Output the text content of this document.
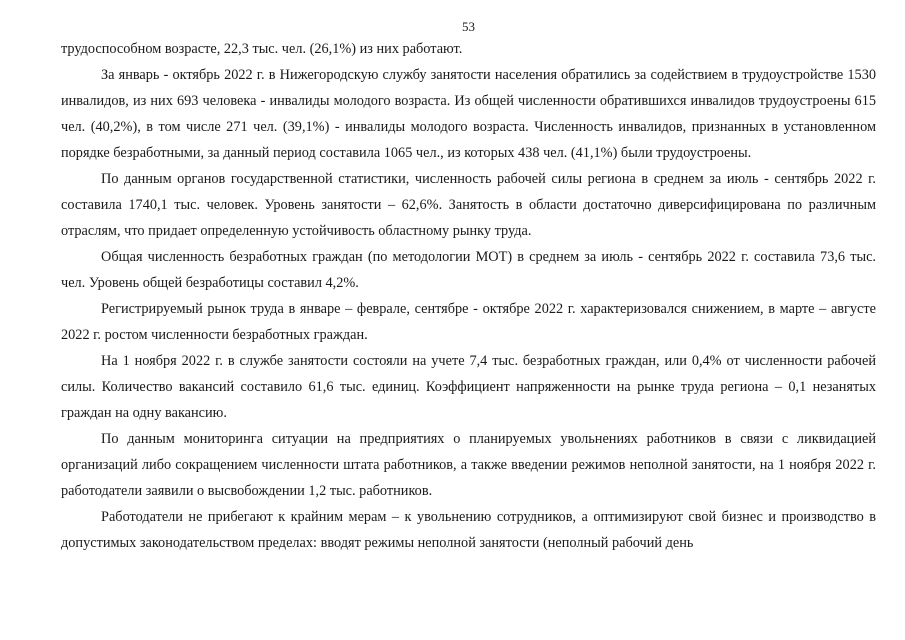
53

трудоспособном возрасте, 22,3 тыс. чел. (26,1%) из них работают.

За январь - октябрь 2022 г. в Нижегородскую службу занятости населения обратились за содействием в трудоустройстве 1530 инвалидов, из них 693 человека - инвалиды молодого возраста. Из общей численности обратившихся инвалидов трудоустроены 615 чел. (40,2%), в том числе 271 чел. (39,1%) - инвалиды молодого возраста. Численность инвалидов, признанных в установленном порядке безработными, за данный период составила 1065 чел., из которых 438 чел. (41,1%) были трудоустроены.

По данным органов государственной статистики, численность рабочей силы региона в среднем за июль - сентябрь 2022 г. составила 1740,1 тыс. человек. Уровень занятости – 62,6%. Занятость в области достаточно диверсифицирована по различным отраслям, что придает определенную устойчивость областному рынку труда.

Общая численность безработных граждан (по методологии МОТ) в среднем за июль - сентябрь 2022 г. составила 73,6 тыс. чел. Уровень общей безработицы составил 4,2%.

Регистрируемый рынок труда в январе – феврале, сентябре - октябре 2022 г. характеризовался снижением, в марте – августе 2022 г. ростом численности безработных граждан.

На 1 ноября 2022 г. в службе занятости состояли на учете 7,4 тыс. безработных граждан, или 0,4% от численности рабочей силы. Количество вакансий составило 61,6 тыс. единиц. Коэффициент напряженности на рынке труда региона – 0,1 незанятых граждан на одну вакансию.

По данным мониторинга ситуации на предприятиях о планируемых увольнениях работников в связи с ликвидацией организаций либо сокращением численности штата работников, а также введении режимов неполной занятости, на 1 ноября 2022 г. работодатели заявили о высвобождении 1,2 тыс. работников.

Работодатели не прибегают к крайним мерам – к увольнению сотрудников, а оптимизируют свой бизнес и производство в допустимых законодательством пределах: вводят режимы неполной занятости (неполный рабочий день
